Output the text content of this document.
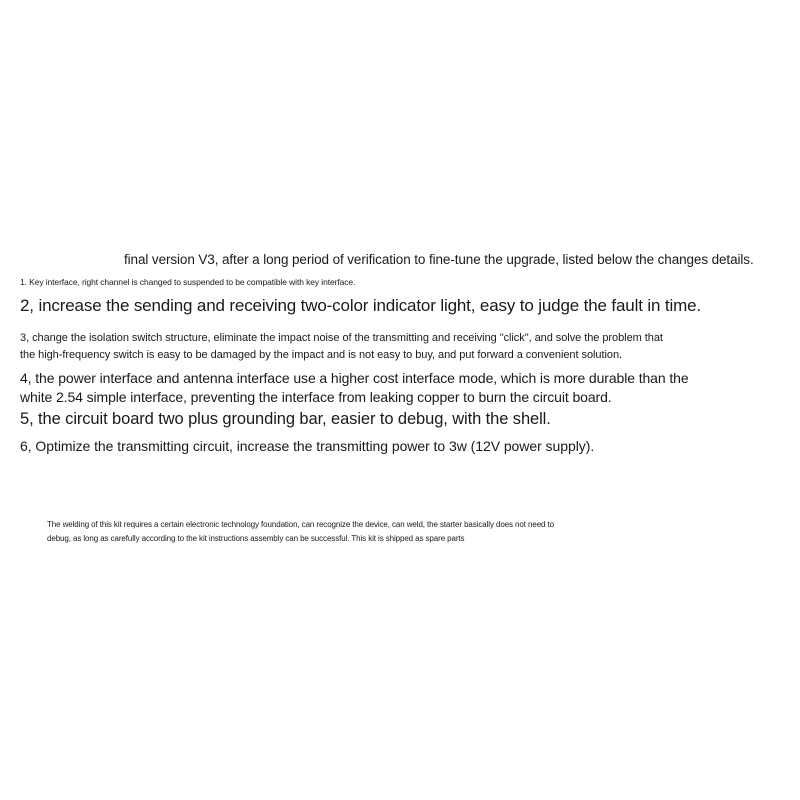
final version V3, after a long period of verification to fine-tune the upgrade, listed below the changes details.

1. Key interface, right channel is changed to suspended to be compatible with key interface.

2, increase the sending and receiving two-color indicator light, easy to judge the fault in time.

3, change the isolation switch structure, eliminate the impact noise of the transmitting and receiving "click", and solve the problem that
the high-frequency switch is easy to be damaged by the impact and is not easy to buy, and put forward a convenient solution.

4, the power interface and antenna interface use a higher cost interface mode, which is more durable than the
white 2.54 simple interface, preventing the interface from leaking copper to burn the circuit board.

5, the circuit board two plus grounding bar, easier to debug, with the shell.

6, Optimize the transmitting circuit, increase the transmitting power to 3w (12V power supply).

The welding of this kit requires a certain electronic technology foundation, can recognize the device, can weld, the starter basically does not need to
debug, as long as carefully according to the kit instructions assembly can be successful. This kit is shipped as spare parts
